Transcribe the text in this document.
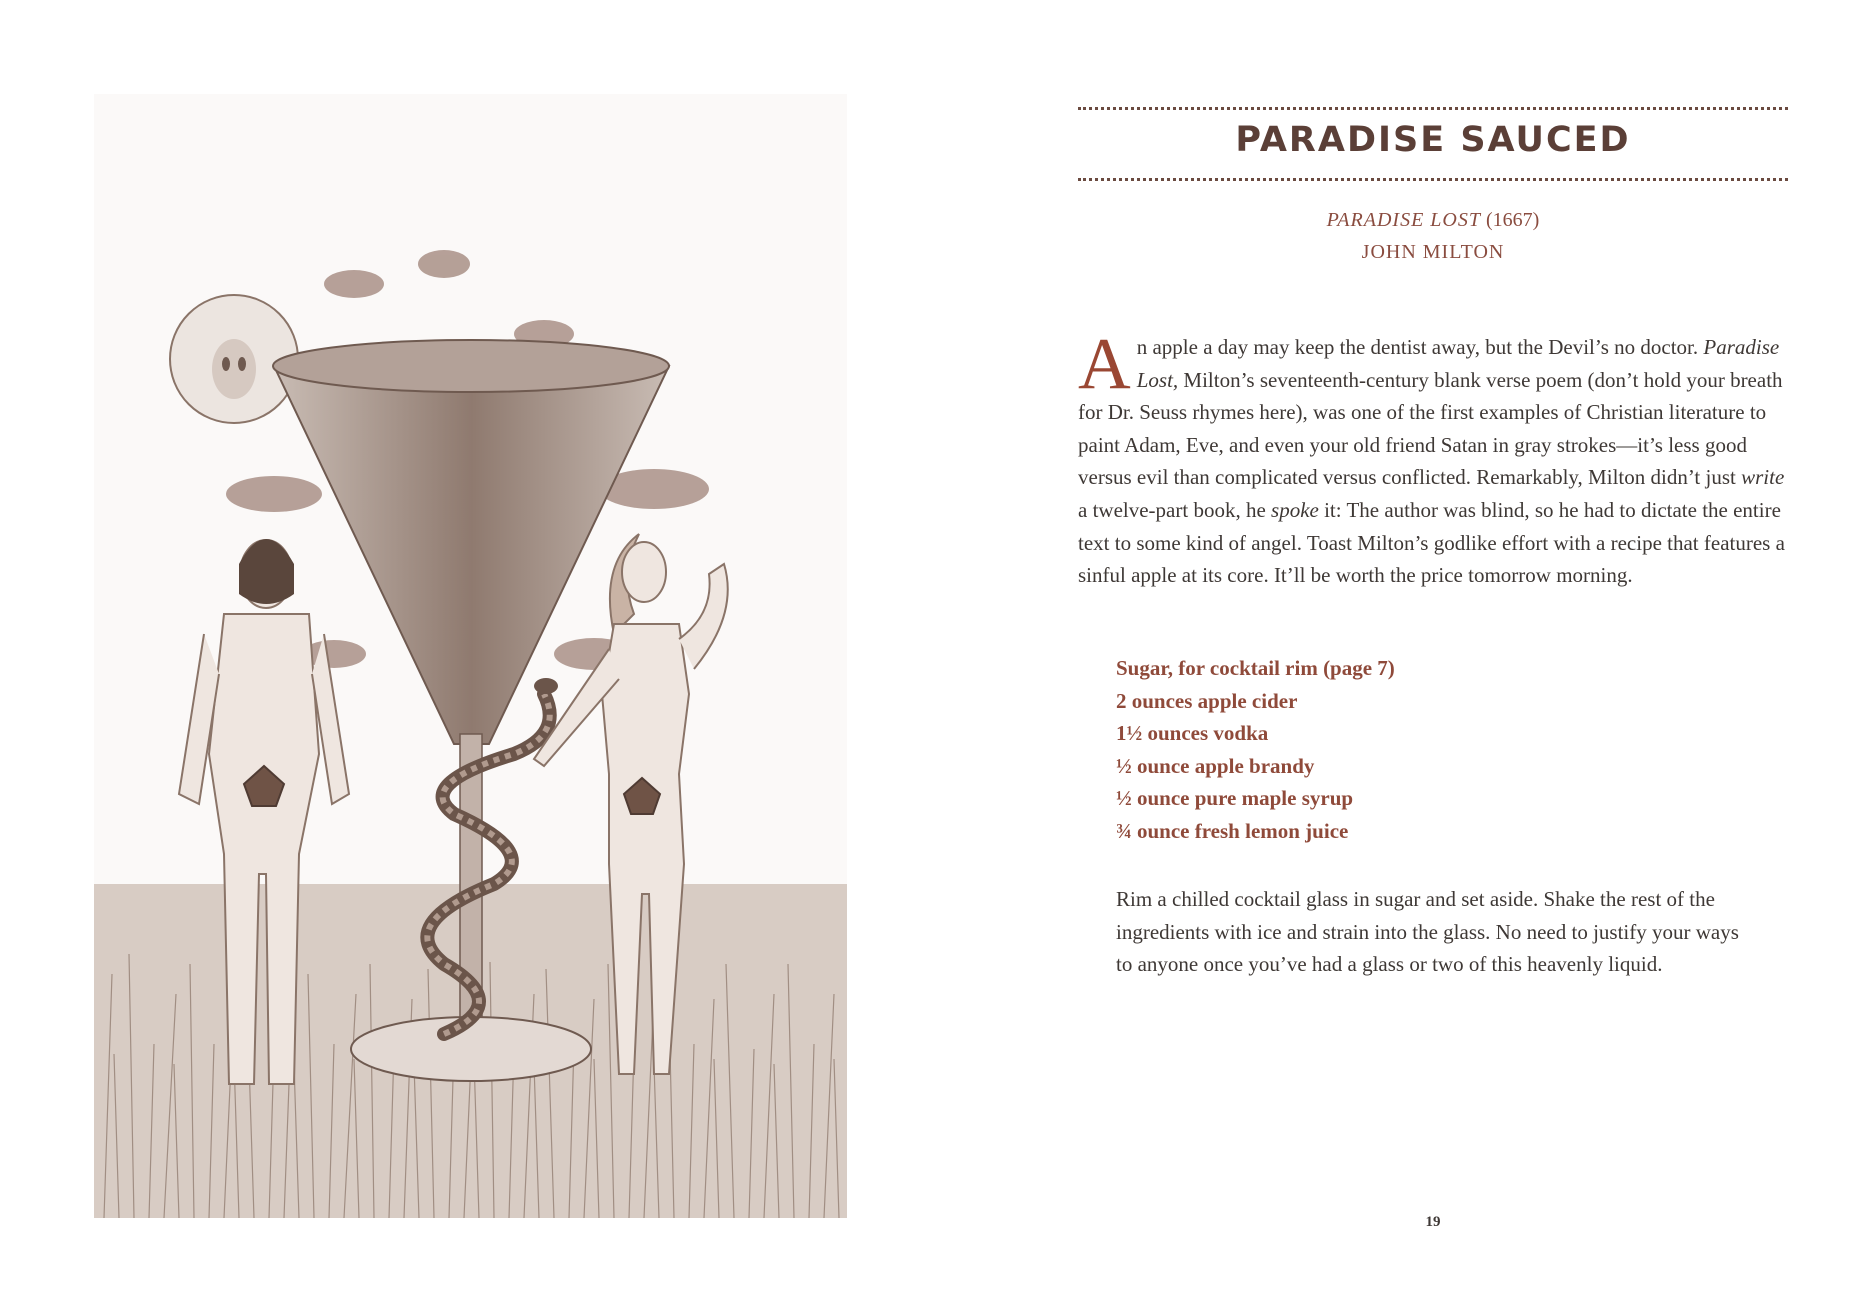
PARADISE SAUCED
PARADISE LOST (1667)
JOHN MILTON
A n apple a day may keep the dentist away, but the Devil’s no doctor. Paradise Lost, Milton’s seventeenth-century blank verse poem (don’t hold your breath for Dr. Seuss rhymes here), was one of the first examples of Christian literature to paint Adam, Eve, and even your old friend Satan in gray strokes—it’s less good versus evil than complicated versus conflicted. Remarkably, Milton didn’t just write a twelve-part book, he spoke it: The author was blind, so he had to dictate the entire text to some kind of angel. Toast Milton’s godlike effort with a recipe that features a sinful apple at its core. It’ll be worth the price tomorrow morning.

Sugar, for cocktail rim (page 7)
2 ounces apple cider
1½ ounces vodka
½ ounce apple brandy
½ ounce pure maple syrup
¾ ounce fresh lemon juice

Rim a chilled cocktail glass in sugar and set aside. Shake the rest of the ingredients with ice and strain into the glass. No need to justify your ways to anyone once you’ve had a glass or two of this heavenly liquid.

19
